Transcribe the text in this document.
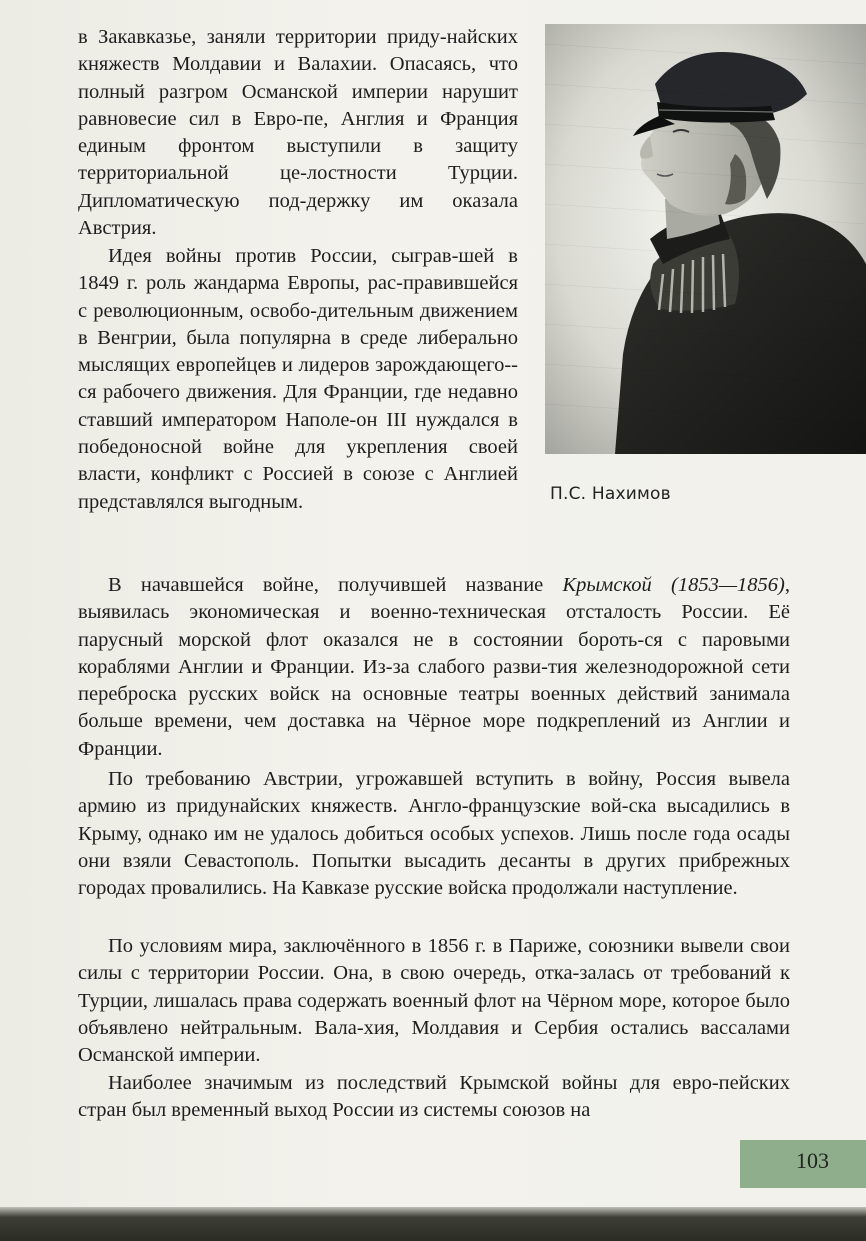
в Закавказье, заняли территории приду-найских княжеств Молдавии и Валахии. Опасаясь, что полный разгром Османской империи нарушит равновесие сил в Евро-пе, Англия и Франция единым фронтом выступили в защиту территориальной це-лостности Турции. Дипломатическую под-держку им оказала Австрия.

Идея войны против России, сыграв-шей в 1849 г. роль жандарма Европы, рас-правившейся с революционным, освобо-дительным движением в Венгрии, была популярна в среде либерально мыслящих европейцев и лидеров зарождающего-ся рабочего движения. Для Франции, где недавно ставший императором Наполе-он III нуждался в победоносной войне для укрепления своей власти, конфликт с Россией в союзе с Англией представлялся выгодным.	П.С. Нахимов

В начавшейся войне, получившей название Крымской (1853—1856), выявилась экономическая и военно-техническая отсталость России. Её парусный морской флот оказался не в состоянии бороть-ся с паровыми кораблями Англии и Франции. Из-за слабого разви-тия железнодорожной сети переброска русских войск на основные театры военных действий занимала больше времени, чем доставка на Чёрное море подкреплений из Англии и Франции.

По требованию Австрии, угрожавшей вступить в войну, Россия вывела армию из придунайских княжеств. Англо-французские вой-ска высадились в Крыму, однако им не удалось добиться особых успехов. Лишь после года осады они взяли Севастополь. Попытки высадить десанты в других прибрежных городах провалились. На Кавказе русские войска продолжали наступление.

По условиям мира, заключённого в 1856 г. в Париже, союзники вывели свои силы с территории России. Она, в свою очередь, отка-залась от требований к Турции, лишалась права содержать военный флот на Чёрном море, которое было объявлено нейтральным. Вала-хия, Молдавия и Сербия остались вассалами Османской империи.

Наиболее значимым из последствий Крымской войны для евро-пейских стран был временный выход России из системы союзов на

103
